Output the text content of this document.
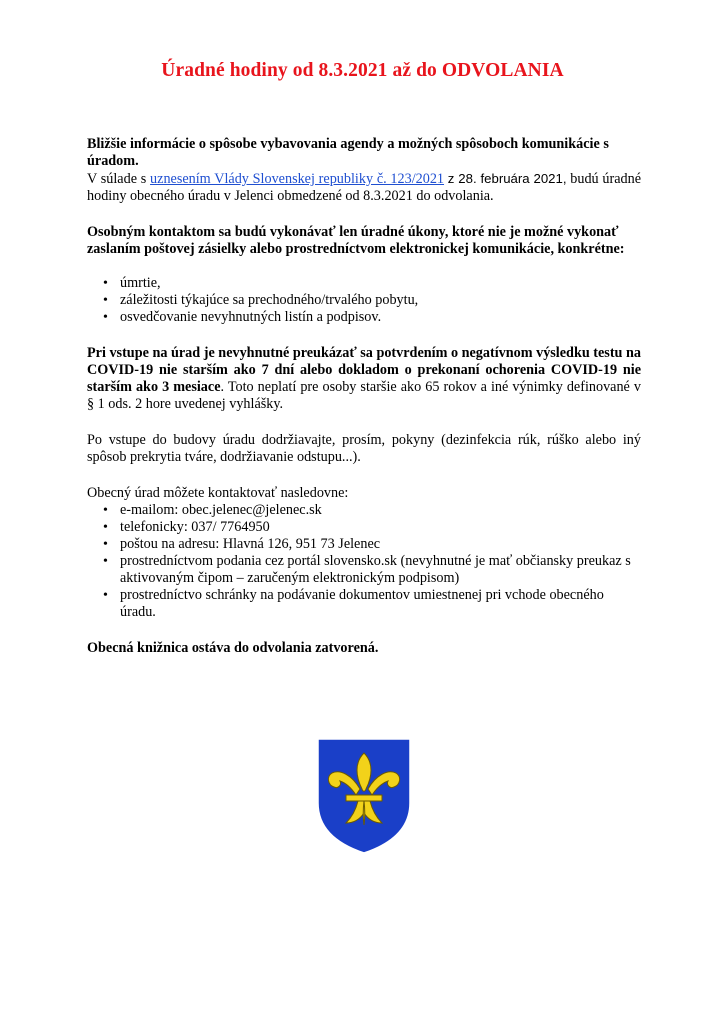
Úradné hodiny od 8.3.2021 až do ODVOLANIA

Bližšie informácie o spôsobe vybavovania agendy a možných spôsoboch komunikácie s úradom.

V súlade s uznesením Vlády Slovenskej republiky č. 123/2021 z 28. februára 2021, budú úradné hodiny obecného úradu v Jelenci obmedzené od 8.3.2021 do odvolania.

Osobným kontaktom sa budú vykonávať len úradné úkony, ktoré nie je možné vykonať zaslaním poštovej zásielky alebo prostredníctvom elektronickej komunikácie, konkrétne:

• úmrtie,
• záležitosti týkajúce sa prechodného/trvalého pobytu,
• osvedčovanie nevyhnutných listín a podpisov.

Pri vstupe na úrad je nevyhnutné preukázať sa potvrdením o negatívnom výsledku testu na COVID-19 nie starším ako 7 dní alebo dokladom o prekonaní ochorenia COVID-19 nie starším ako 3 mesiace. Toto neplatí pre osoby staršie ako 65 rokov a iné výnimky definované v § 1 ods. 2 hore uvedenej vyhlášky.

Po vstupe do budovy úradu dodržiavajte, prosím, pokyny (dezinfekcia rúk, rúško alebo iný spôsob prekrytia tváre, dodržiavanie odstupu...).

Obecný úrad môžete kontaktovať nasledovne:

• e-mailom: obec.jelenec@jelenec.sk
• telefonicky: 037/ 7764950
• poštou na adresu: Hlavná 126, 951 73 Jelenec
• prostredníctvom podania cez portál slovensko.sk (nevyhnutné je mať občiansky preukaz s aktivovaným čipom – zaručeným elektronickým podpisom)
• prostredníctvo schránky na podávanie dokumentov umiestnenej pri vchode obecného úradu.

Obecná knižnica ostáva do odvolania zatvorená.
